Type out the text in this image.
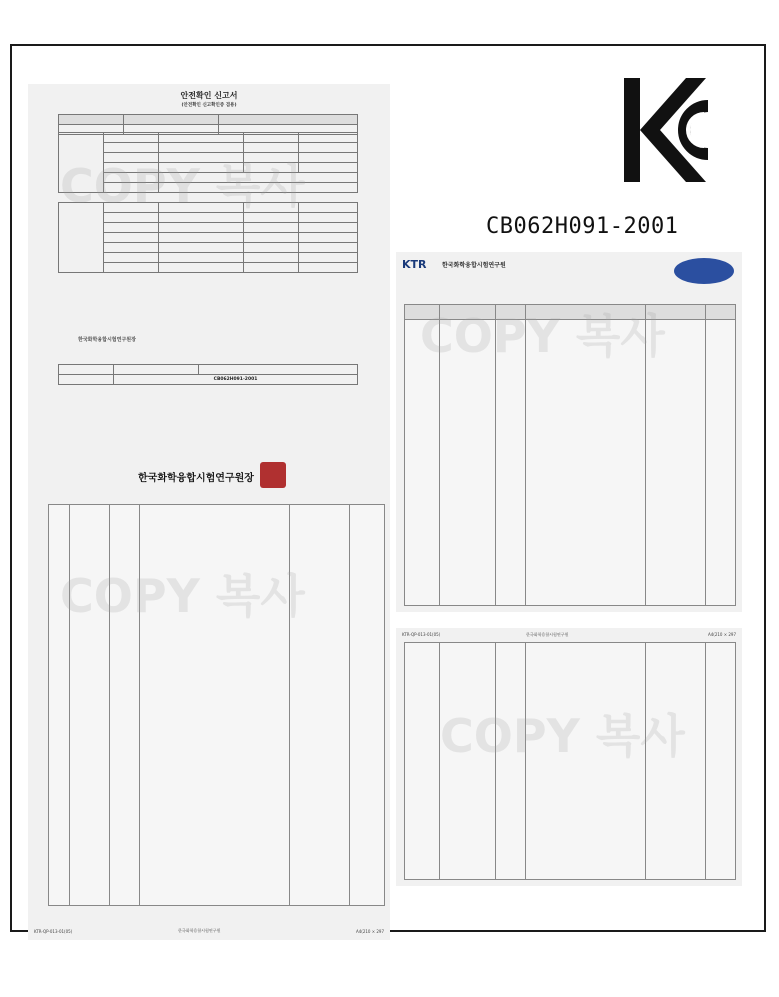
안전확인 신고서
(안전확인 신고확인증 겸용)

한국화학융합시험연구원장

	CB062H091-2001	
한국화학융합시험연구원장
KTR-QP-013-01(05)	한국화학융합시험연구원	A4(210 × 297
CB062H091-2001
KTR	한국화학융합시험연구원
KTR-QP-013-01(05)	한국화학융합시험연구원	A4(210 × 297
COPY 복사
COPY 복사
COPY 복사
COPY 복사
